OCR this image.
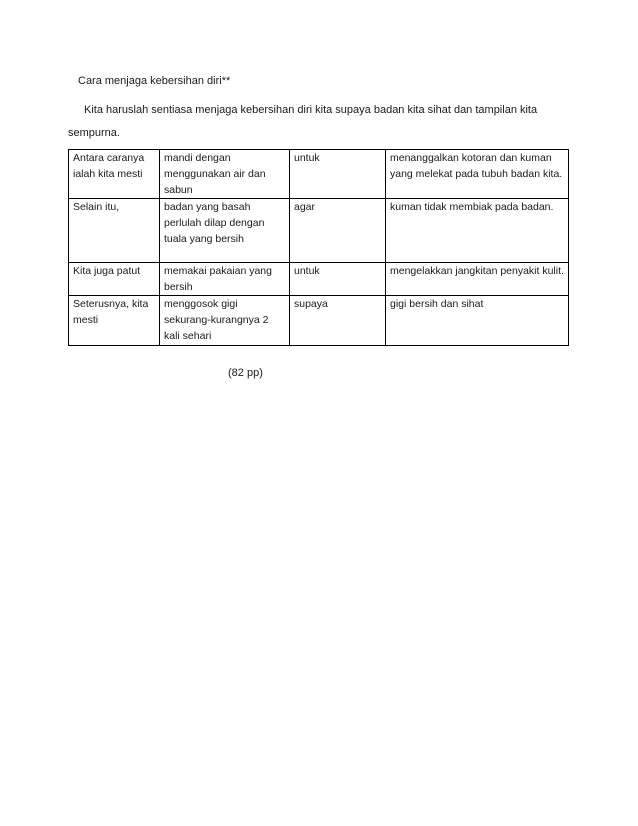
Cara menjaga kebersihan diri**
Kita haruslah sentiasa menjaga kebersihan diri kita supaya badan kita sihat dan tampilan kita sempurna.
Antara caranya ialah kita mesti	mandi dengan menggunakan air dan sabun	untuk	menanggalkan kotoran dan kuman yang melekat pada tubuh badan kita.
Selain itu,	badan yang basah perlulah dilap dengan tuala yang bersih	agar	kuman tidak membiak pada badan.
Kita juga patut	memakai pakaian yang bersih	untuk	mengelakkan jangkitan penyakit kulit.
Seterusnya, kita mesti	menggosok gigi sekurang-kurangnya 2 kali sehari	supaya	gigi bersih dan sihat
(82 pp)
